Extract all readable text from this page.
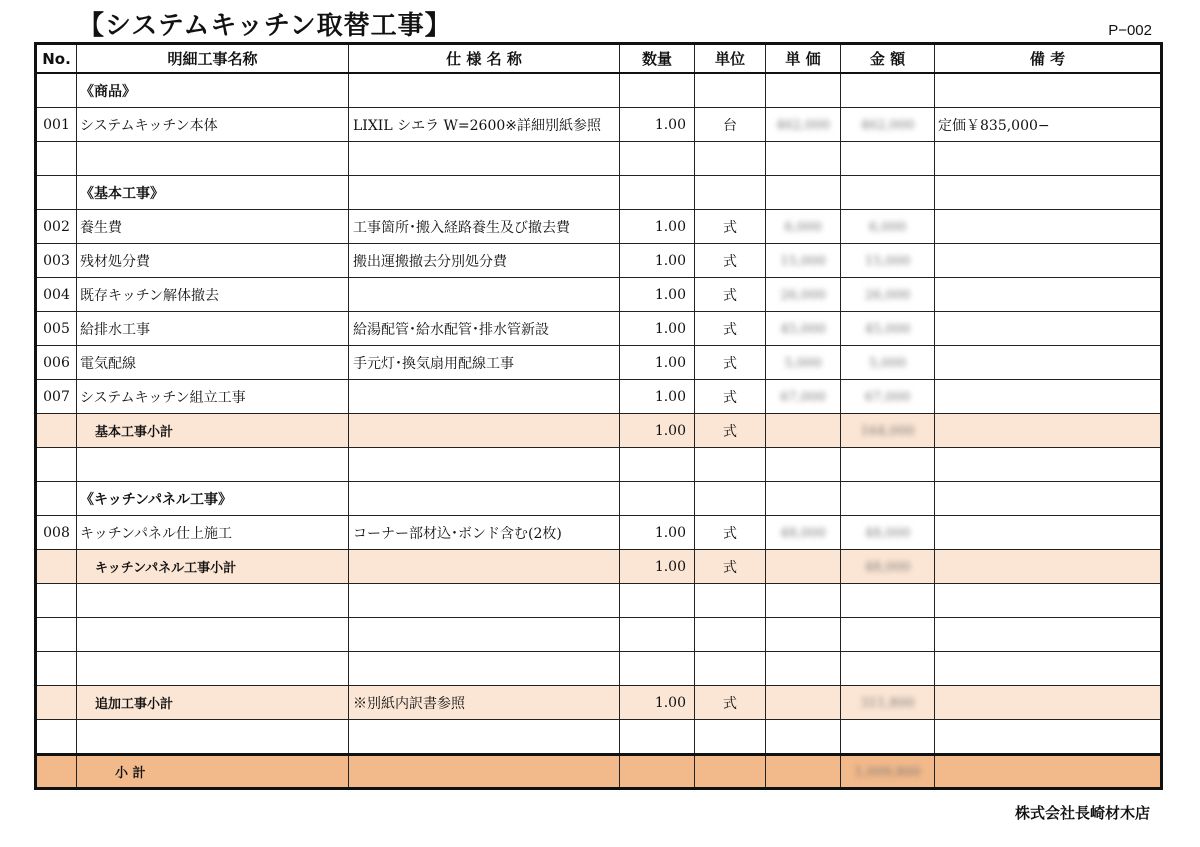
【システムキッチン取替工事】	P−002
No.	明細工事名称	仕 様 名 称	数量	単位	単 価	金 額	備 考
	《商品》						
001	システムキッチン本体	LIXIL シエラ W=2600※詳細別紙参照	1.00	台	462,000	462,000	定価￥835,000−

	《基本工事》						
002	養生費	工事箇所･搬入経路養生及び撤去費	1.00	式	6,000	6,000	
003	残材処分費	搬出運搬撤去分別処分費	1.00	式	15,000	15,000	
004	既存キッチン解体撤去		1.00	式	26,000	26,000	
005	給排水工事	給湯配管･給水配管･排水管新設	1.00	式	45,000	45,000	
006	電気配線	手元灯･換気扇用配線工事	1.00	式	5,000	5,000	
007	システムキッチン組立工事		1.00	式	67,000	67,000	
	基本工事小計		1.00	式		164,000	

	《キッチンパネル工事》						
008	キッチンパネル仕上施工	コーナー部材込･ボンド含む(2枚)	1.00	式	48,000	48,000	
	キッチンパネル工事小計		1.00	式		48,000	

	追加工事小計	※別紙内訳書参照	1.00	式		311,800	

	小 計					1,009,800	
株式会社長崎材木店
